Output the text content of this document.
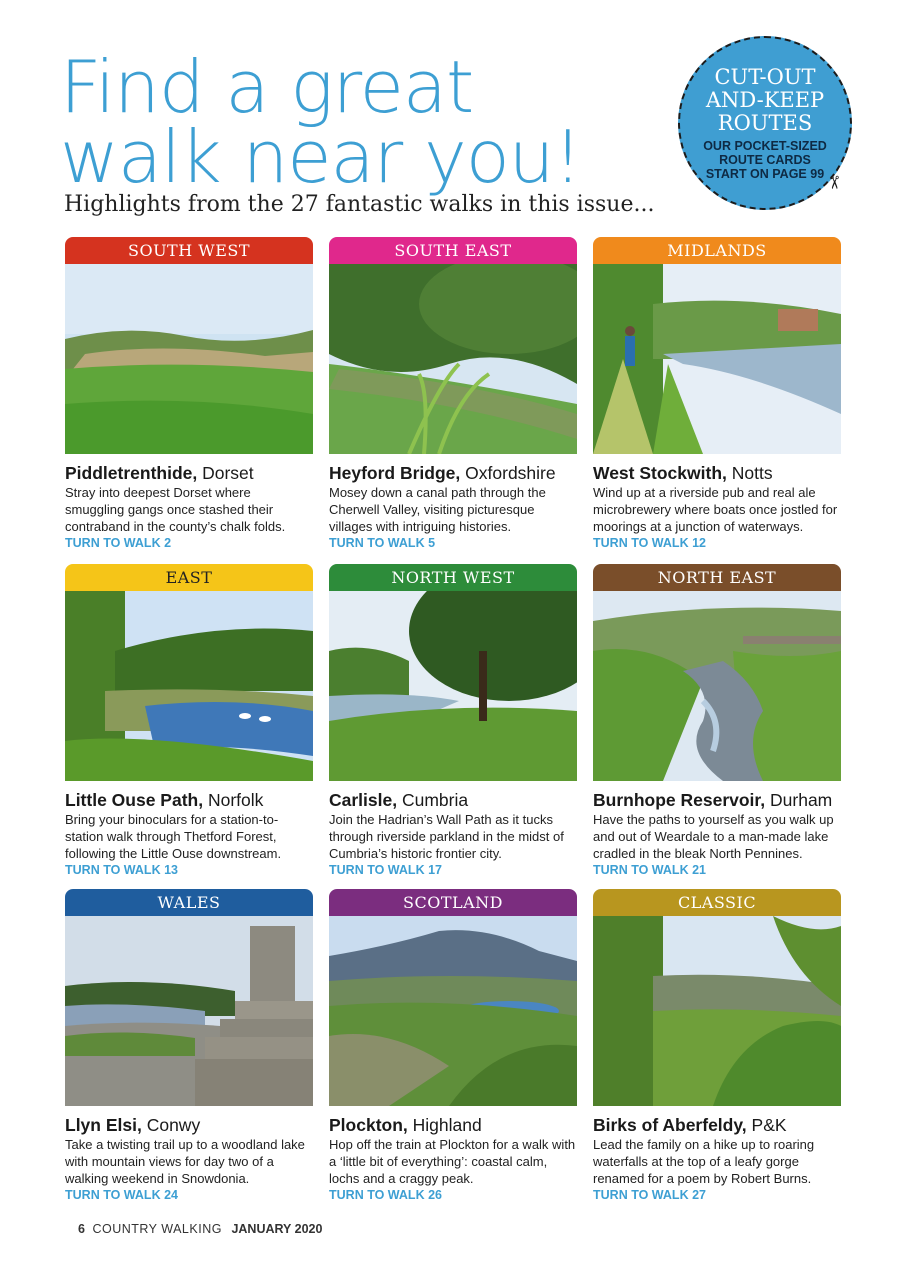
Find a great
walk near you!
Highlights from the 27 fantastic walks in this issue...
CUT-OUT AND-KEEP ROUTES
OUR POCKET-SIZED ROUTE CARDS START ON PAGE 99
✂
SOUTH WEST
Piddletrenthide, Dorset
Stray into deepest Dorset where smuggling gangs once stashed their contraband in the county’s chalk folds.
TURN TO WALK 2
SOUTH EAST
Heyford Bridge, Oxfordshire
Mosey down a canal path through the Cherwell Valley, visiting picturesque villages with intriguing histories.
TURN TO WALK 5
MIDLANDS
West Stockwith, Notts
Wind up at a riverside pub and real ale microbrewery where boats once jostled for moorings at a junction of waterways.
TURN TO WALK 12
EAST
Little Ouse Path, Norfolk
Bring your binoculars for a station-to-station walk through Thetford Forest, following the Little Ouse downstream.
TURN TO WALK 13
NORTH WEST
Carlisle, Cumbria
Join the Hadrian’s Wall Path as it tucks through riverside parkland in the midst of Cumbria’s historic frontier city.
TURN TO WALK 17
NORTH EAST
Burnhope Reservoir, Durham
Have the paths to yourself as you walk up and out of Weardale to a man-made lake cradled in the bleak North Pennines.
TURN TO WALK 21
WALES
Llyn Elsi, Conwy
Take a twisting trail up to a woodland lake with mountain views for day two of a walking weekend in Snowdonia.
TURN TO WALK 24
SCOTLAND
Plockton, Highland
Hop off the train at Plockton for a walk with a ‘little bit of everything’: coastal calm, lochs and a craggy peak.
TURN TO WALK 26
CLASSIC
Birks of Aberfeldy, P&K
Lead the family on a hike up to roaring waterfalls at the top of a leafy gorge renamed for a poem by Robert Burns.
TURN TO WALK 27
6 COUNTRY WALKING JANUARY 2020
